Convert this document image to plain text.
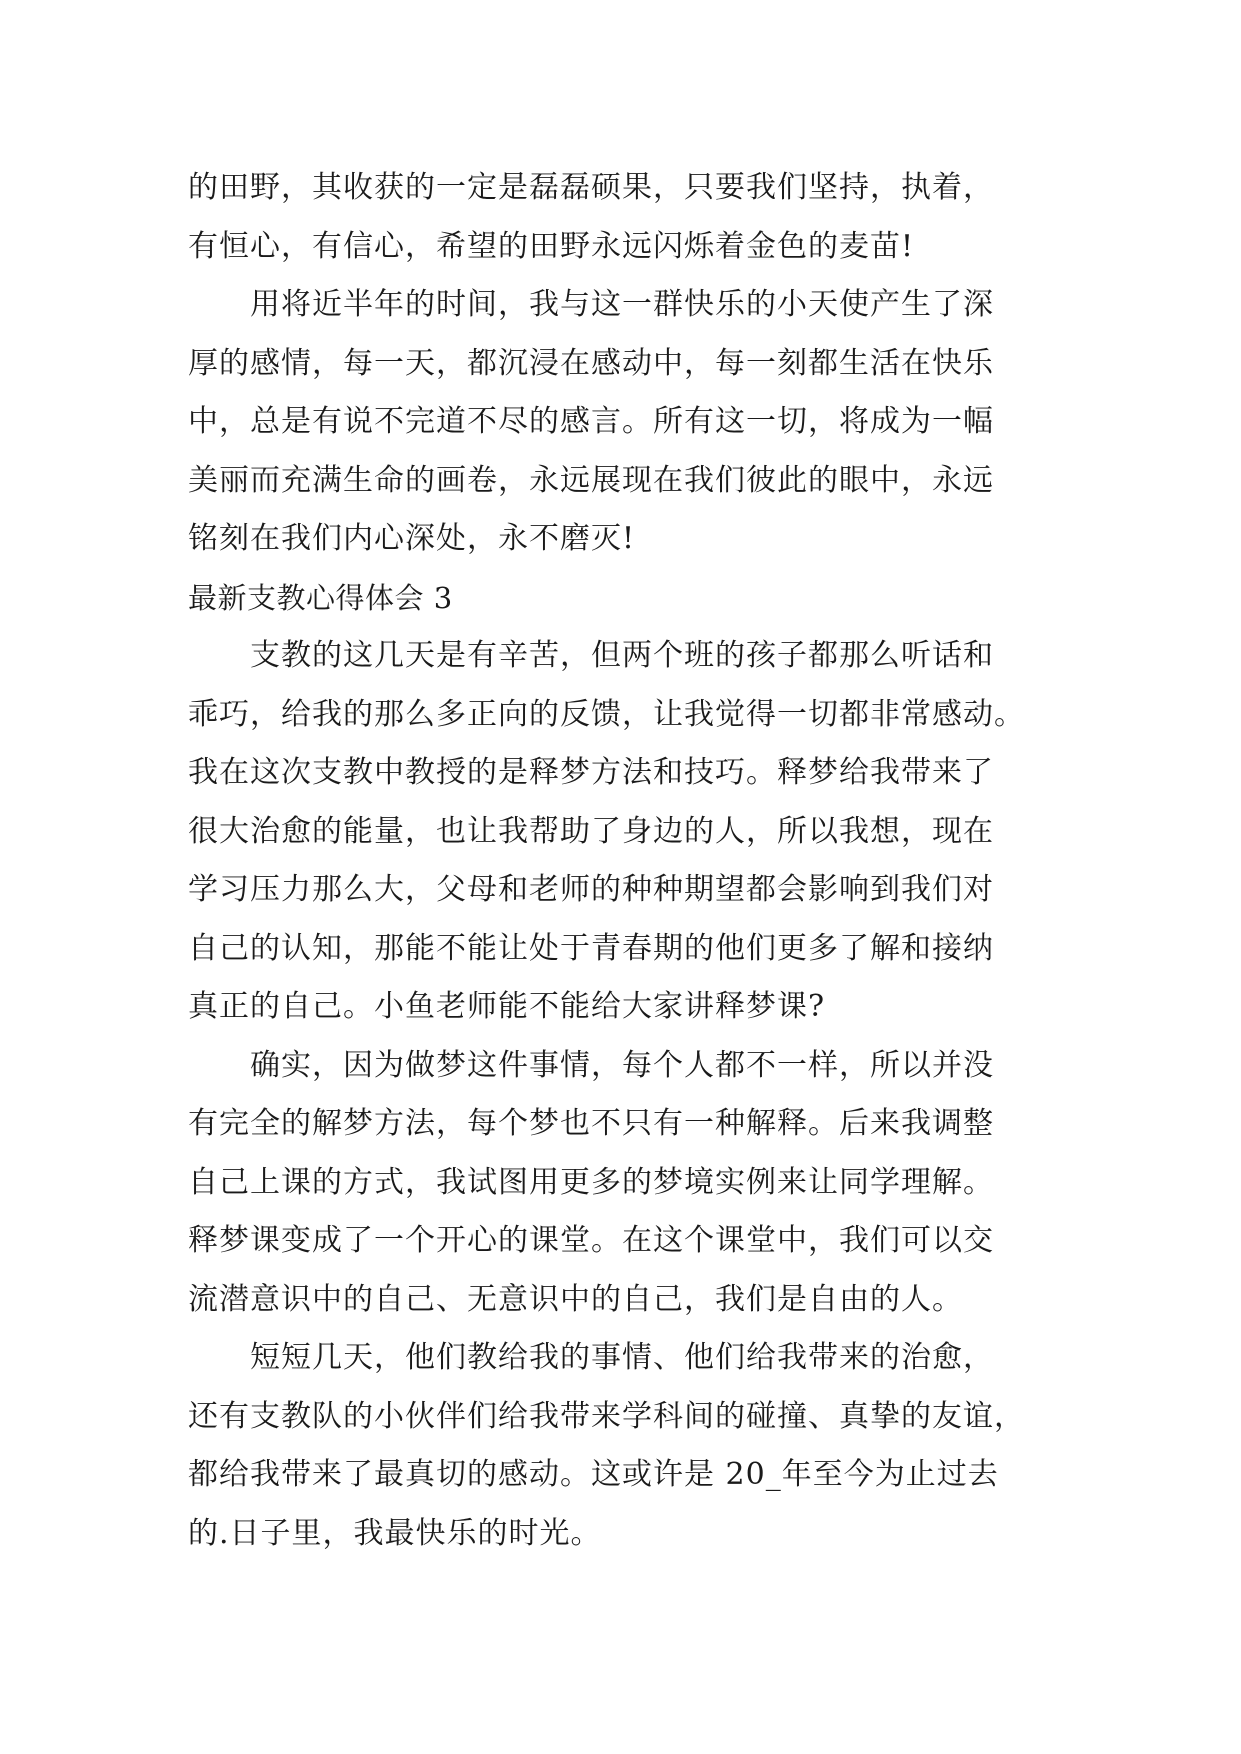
的田野，其收获的一定是磊磊硕果，只要我们坚持，执着，
有恒心，有信心，希望的田野永远闪烁着金色的麦苗!
用将近半年的时间，我与这一群快乐的小天使产生了深
厚的感情，每一天，都沉浸在感动中，每一刻都生活在快乐
中，总是有说不完道不尽的感言。所有这一切，将成为一幅
美丽而充满生命的画卷，永远展现在我们彼此的眼中，永远
铭刻在我们内心深处，永不磨灭!
最新支教心得体会 3
支教的这几天是有辛苦，但两个班的孩子都那么听话和
乖巧，给我的那么多正向的反馈，让我觉得一切都非常感动。
我在这次支教中教授的是释梦方法和技巧。释梦给我带来了
很大治愈的能量，也让我帮助了身边的人，所以我想，现在
学习压力那么大，父母和老师的种种期望都会影响到我们对
自己的认知，那能不能让处于青春期的他们更多了解和接纳
真正的自己。小鱼老师能不能给大家讲释梦课?
确实，因为做梦这件事情，每个人都不一样，所以并没
有完全的解梦方法，每个梦也不只有一种解释。后来我调整
自己上课的方式，我试图用更多的梦境实例来让同学理解。
释梦课变成了一个开心的课堂。在这个课堂中，我们可以交
流潜意识中的自己、无意识中的自己，我们是自由的人。
短短几天，他们教给我的事情、他们给我带来的治愈，
还有支教队的小伙伴们给我带来学科间的碰撞、真挚的友谊，
都给我带来了最真切的感动。这或许是 20_年至今为止过去
的.日子里，我最快乐的时光。
